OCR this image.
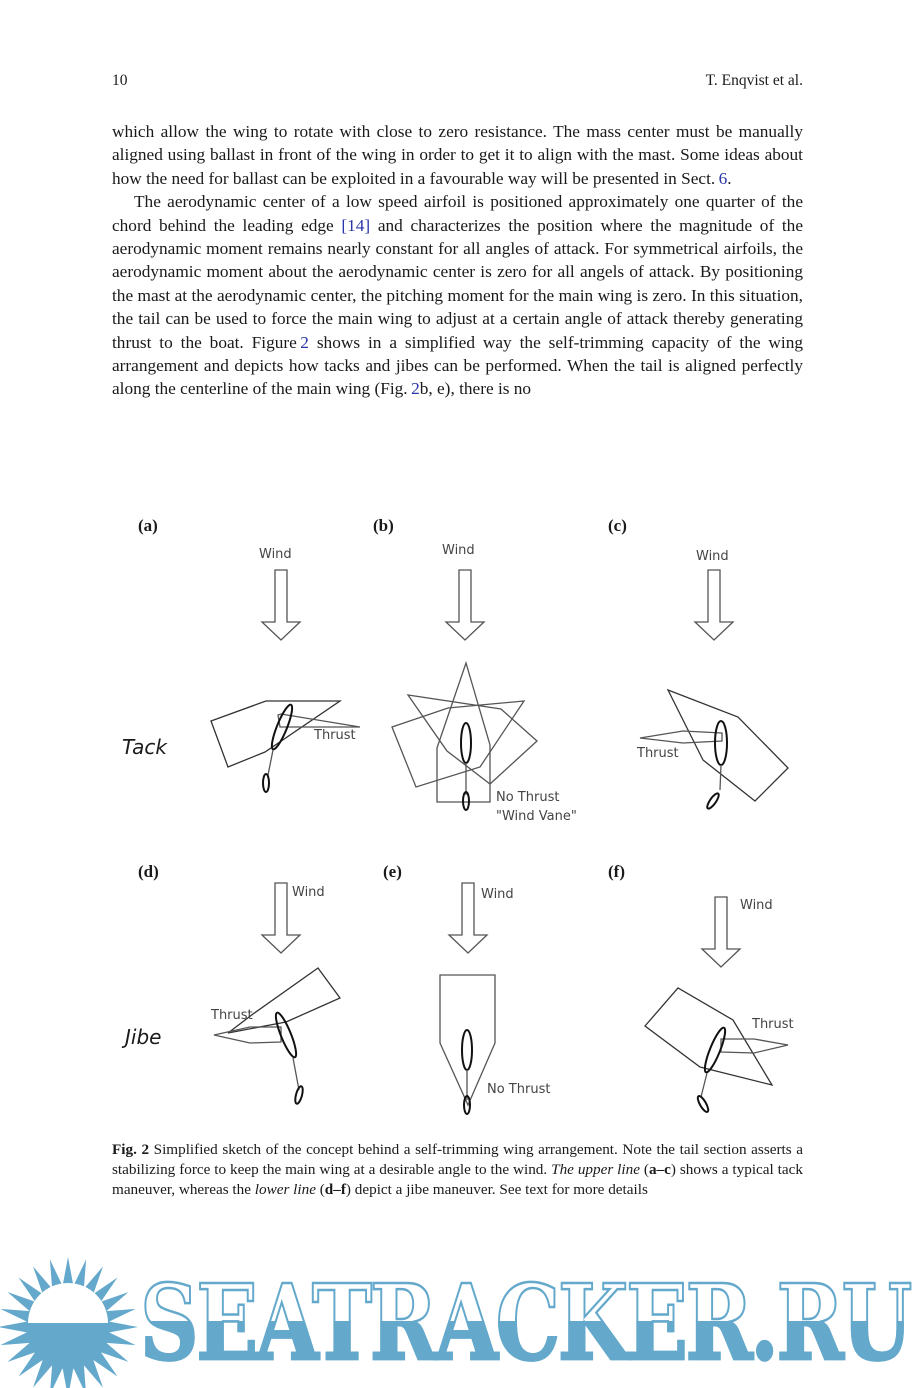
10	T. Enqvist et al.

which allow the wing to rotate with close to zero resistance. The mass center must be manually aligned using ballast in front of the wing in order to get it to align with the mast. Some ideas about how the need for ballast can be exploited in a favourable way will be presented in Sect. 6.

The aerodynamic center of a low speed airfoil is positioned approximately one quarter of the chord behind the leading edge [14] and characterizes the position where the magnitude of the aerodynamic moment remains nearly constant for all angles of attack. For symmetrical airfoils, the aerodynamic moment about the aerodynamic center is zero for all angels of attack. By positioning the mast at the aerodynamic center, the pitching moment for the main wing is zero. In this situation, the tail can be used to force the main wing to adjust at a certain angle of attack thereby generating thrust to the boat. Figure 2 shows in a simplified way the self-trimming capacity of the wing arrangement and depicts how tacks and jibes can be performed. When the tail is aligned perfectly along the centerline of the main wing (Fig. 2b, e), there is no

(a)	(b)	(c)
(d)	(e)	(f)
Tack
Jibe
Wind	Wind	Wind
Wind	Wind
Wind
Thrust
No Thrust
"Wind Vane"
Thrust
Thrust
No Thrust
Thrust
Fig. 2 Simplified sketch of the concept behind a self-trimming wing arrangement. Note the tail section asserts a stabilizing force to keep the main wing at a desirable angle to the wind. The upper line (a–c) shows a typical tack maneuver, whereas the lower line (d–f) depict a jibe maneuver. See text for more details
SEATRACKER.RU
